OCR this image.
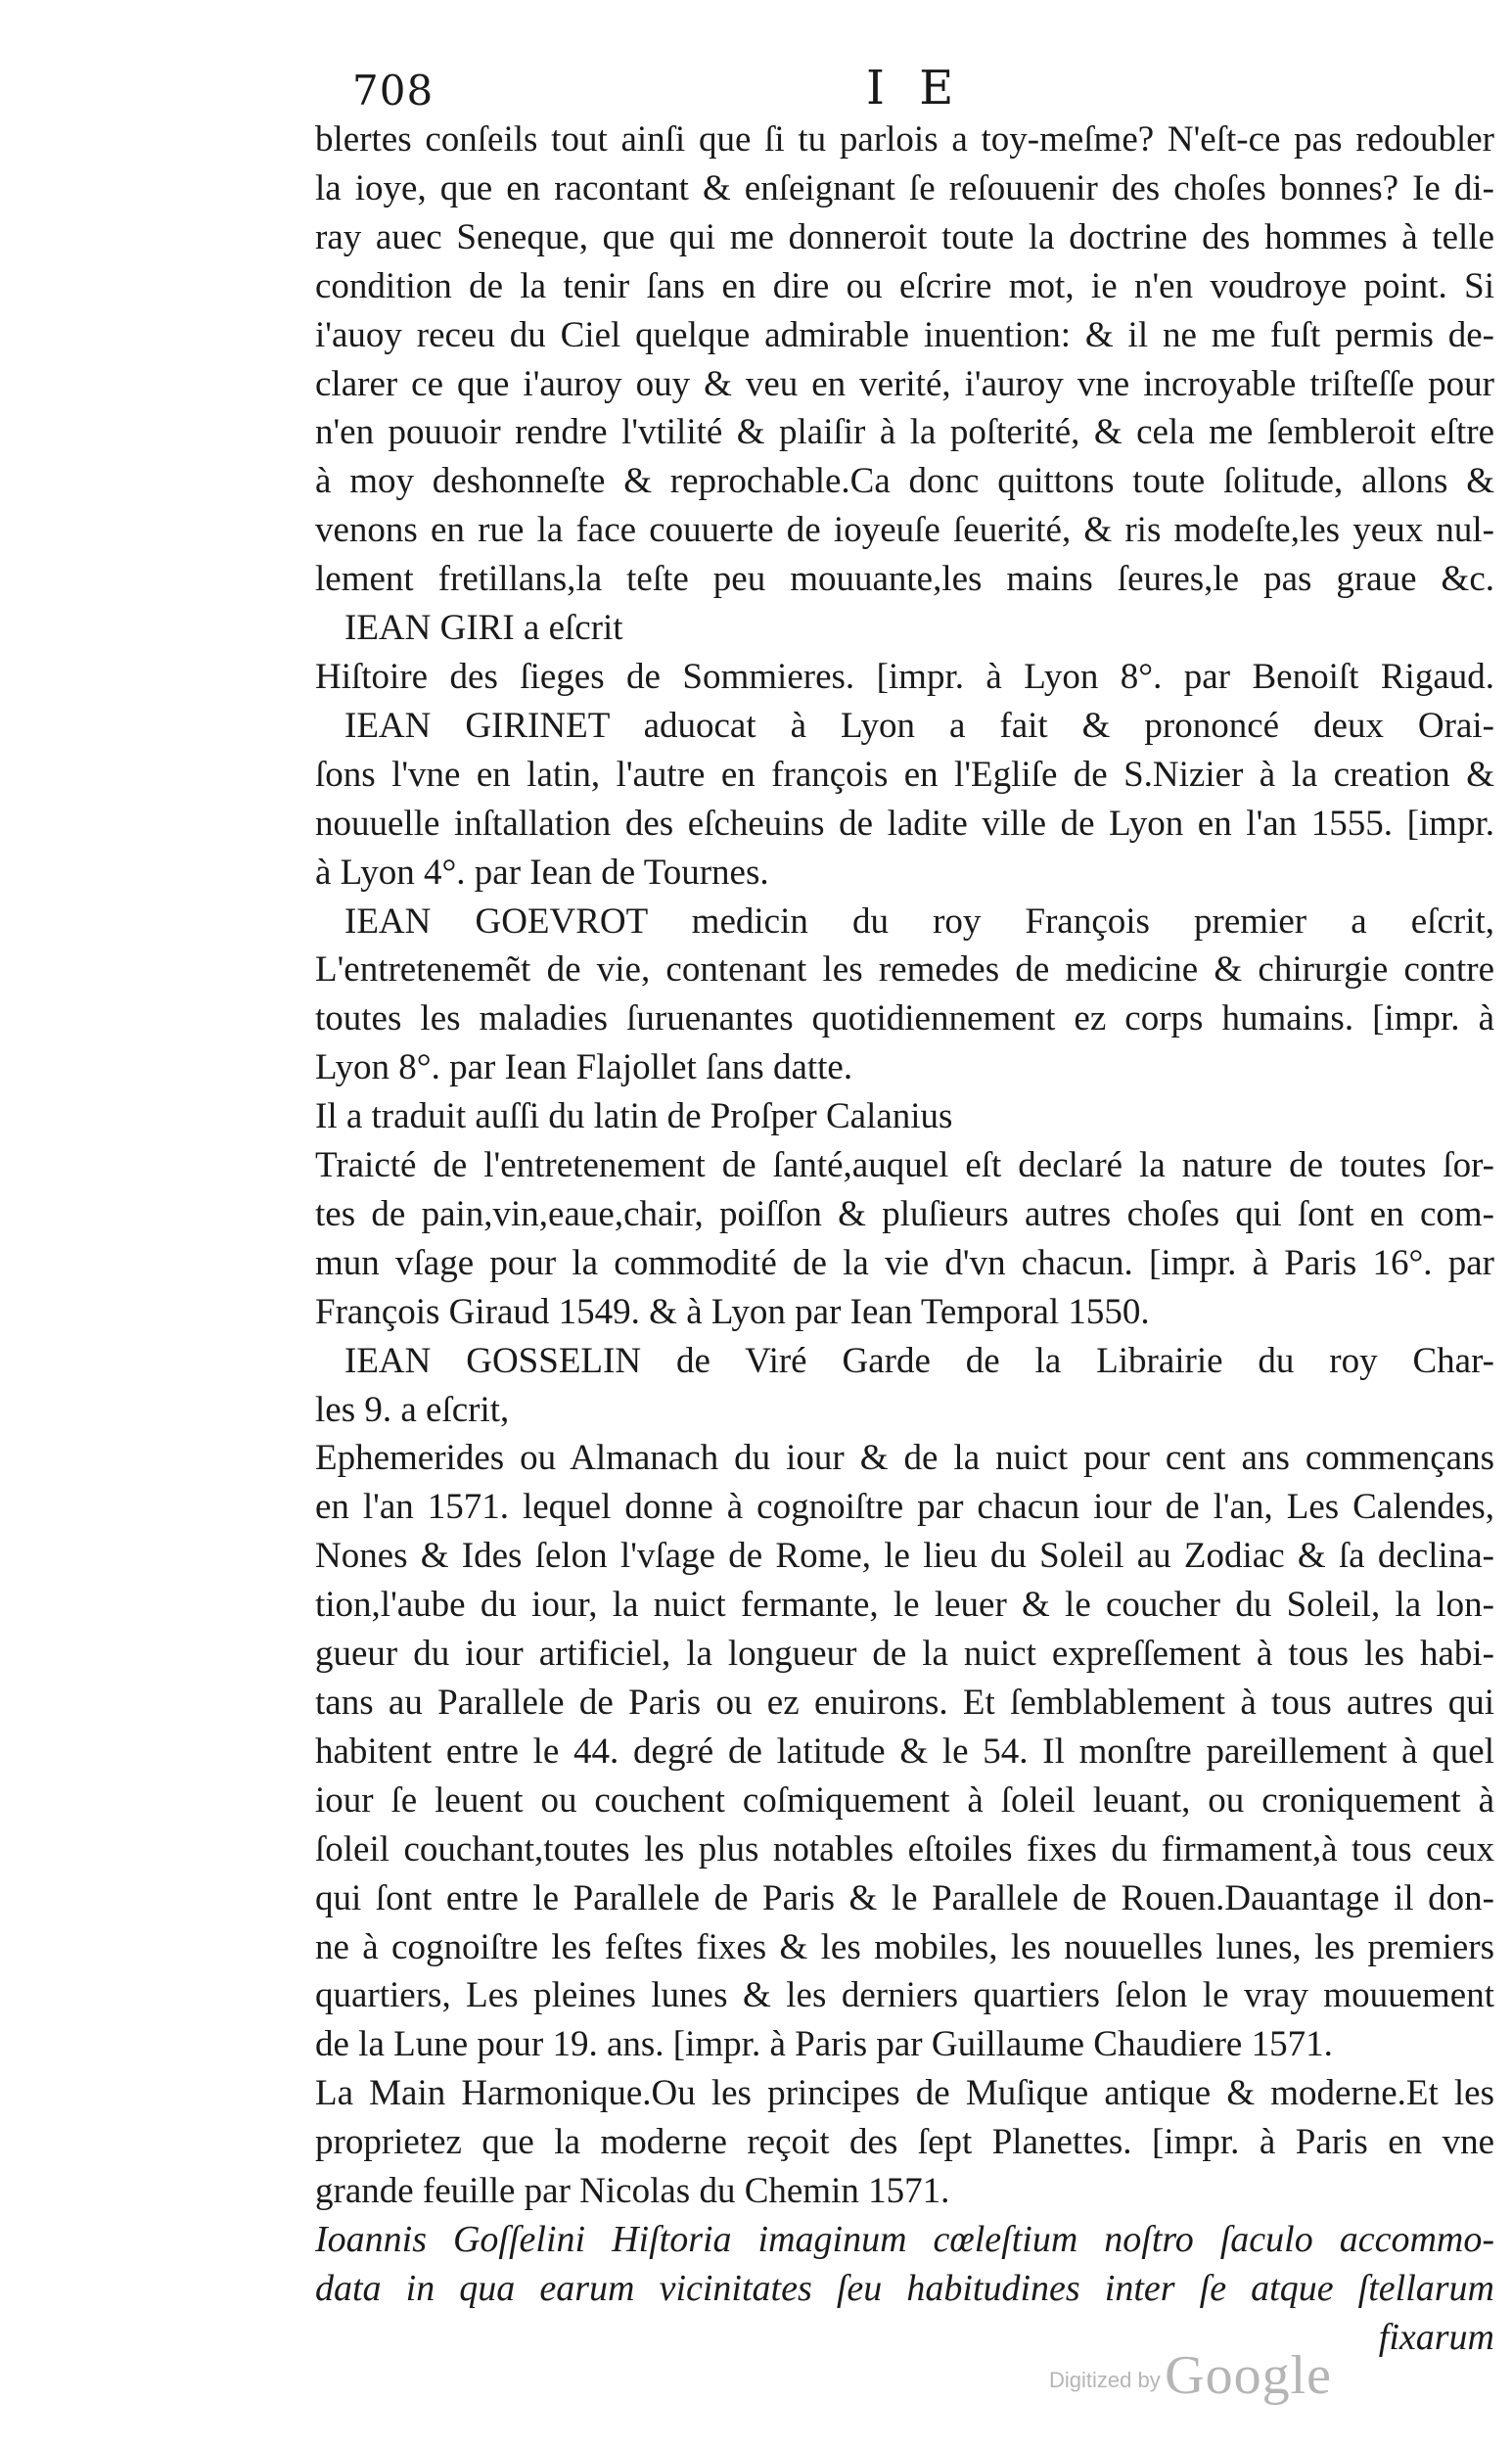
708	I E
blertes conſeils tout ainſi que ſi tu parlois a toy-meſme? N'eſt-ce pas redoubler
la ioye, que en racontant & enſeignant ſe reſouuenir des choſes bonnes? Ie di-
ray auec Seneque, que qui me donneroit toute la doctrine des hommes à telle
condition de la tenir ſans en dire ou eſcrire mot, ie n'en voudroye point. Si
i'auoy receu du Ciel quelque admirable inuention: & il ne me fuſt permis de-
clarer ce que i'auroy ouy & veu en verité, i'auroy vne incroyable triſteſſe pour
n'en pouuoir rendre l'vtilité & plaiſir à la poſterité, & cela me ſembleroit eſtre
à moy deshonneſte & reprochable.Ca donc quittons toute ſolitude, allons &
venons en rue la face couuerte de ioyeuſe ſeuerité, & ris modeſte,les yeux nul-
lement fretillans,la teſte peu mouuante,les mains ſeures,le pas graue &c.
IEAN GIRI a eſcrit
Hiſtoire des ſieges de Sommieres. [impr. à Lyon 8°. par Benoiſt Rigaud.
IEAN GIRINET aduocat à Lyon a fait & prononcé deux Orai-
ſons l'vne en latin, l'autre en françois en l'Egliſe de S.Nizier à la creation &
nouuelle inſtallation des eſcheuins de ladite ville de Lyon en l'an 1555. [impr.
à Lyon 4°. par Iean de Tournes.
IEAN GOEVROT medicin du roy François premier a eſcrit,
L'entretenemẽt de vie, contenant les remedes de medicine & chirurgie contre
toutes les maladies ſuruenantes quotidiennement ez corps humains. [impr. à
Lyon 8°. par Iean Flajollet ſans datte.
Il a traduit auſſi du latin de Proſper Calanius
Traicté de l'entretenement de ſanté,auquel eſt declaré la nature de toutes ſor-
tes de pain,vin,eaue,chair, poiſſon & pluſieurs autres choſes qui ſont en com-
mun vſage pour la commodité de la vie d'vn chacun. [impr. à Paris 16°. par
François Giraud 1549. & à Lyon par Iean Temporal 1550.
IEAN GOSSELIN de Viré Garde de la Librairie du roy Char-
les 9. a eſcrit,
Ephemerides ou Almanach du iour & de la nuict pour cent ans commençans
en l'an 1571. lequel donne à cognoiſtre par chacun iour de l'an, Les Calendes,
Nones & Ides ſelon l'vſage de Rome, le lieu du Soleil au Zodiac & ſa declina-
tion,l'aube du iour, la nuict fermante, le leuer & le coucher du Soleil, la lon-
gueur du iour artificiel, la longueur de la nuict expreſſement à tous les habi-
tans au Parallele de Paris ou ez enuirons. Et ſemblablement à tous autres qui
habitent entre le 44. degré de latitude & le 54. Il monſtre pareillement à quel
iour ſe leuent ou couchent coſmiquement à ſoleil leuant, ou croniquement à
ſoleil couchant,toutes les plus notables eſtoiles fixes du firmament,à tous ceux
qui ſont entre le Parallele de Paris & le Parallele de Rouen.Dauantage il don-
ne à cognoiſtre les feſtes fixes & les mobiles, les nouuelles lunes, les premiers
quartiers, Les pleines lunes & les derniers quartiers ſelon le vray mouuement
de la Lune pour 19. ans. [impr. à Paris par Guillaume Chaudiere 1571.
La Main Harmonique.Ou les principes de Muſique antique & moderne.Et les
proprietez que la moderne reçoit des ſept Planettes. [impr. à Paris en vne
grande feuille par Nicolas du Chemin 1571.
Ioannis Goſſelini Hiſtoria imaginum cœleſtium noſtro ſaculo accommo-
data in qua earum vicinitates ſeu habitudines inter ſe atque ſtellarum
fixarum
Digitized by Google
